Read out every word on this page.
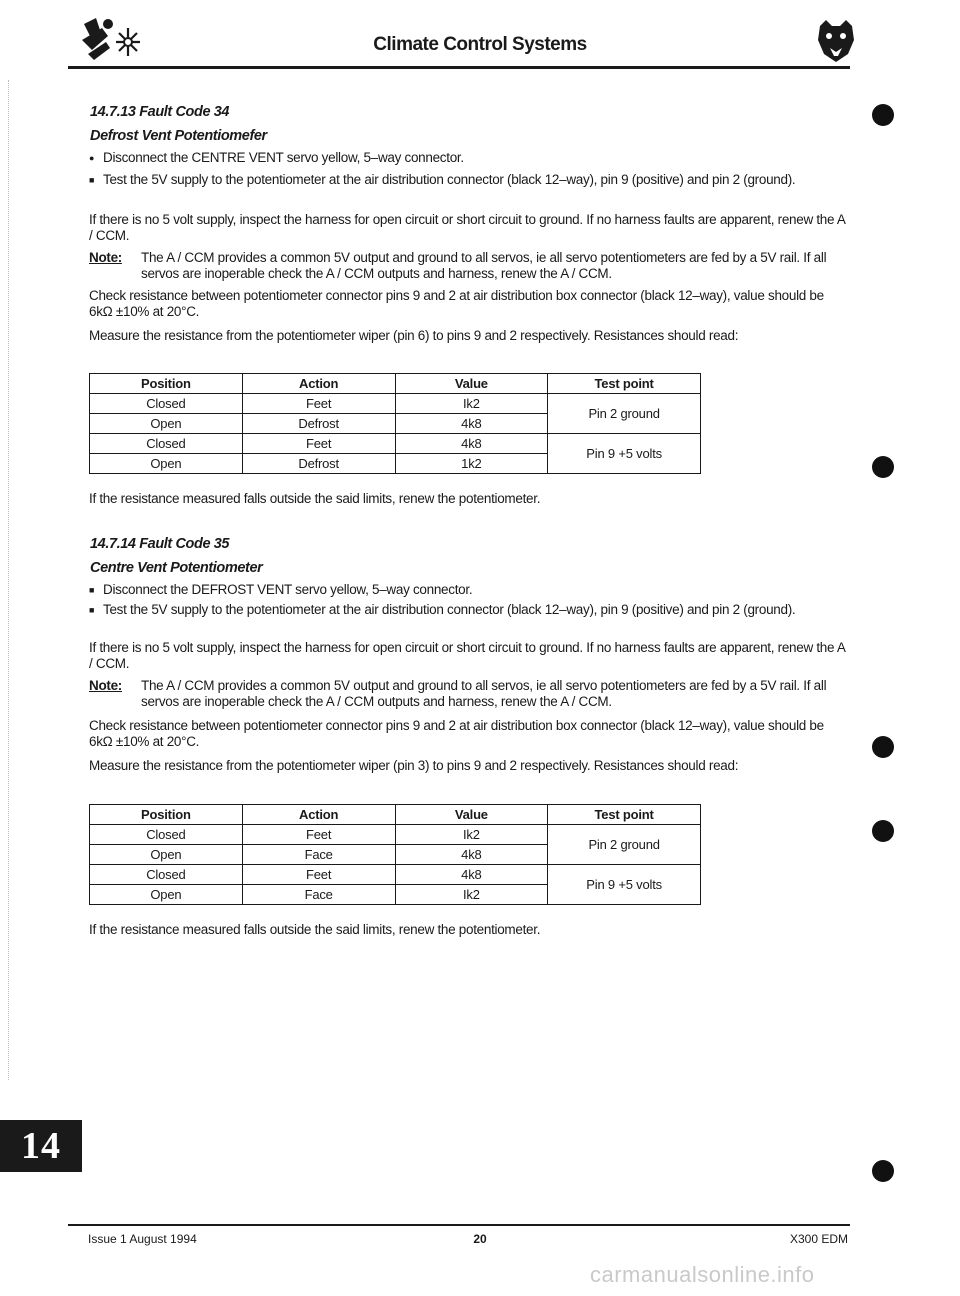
Climate Control Systems
14.7.13 Fault Code 34
Defrost Vent Potentiomefer
● Disconnect the CENTRE VENT servo yellow, 5–way connector.
■ Test the 5V supply to the potentiometer at the air distribution connector (black 12–way), pin 9 (positive) and pin 2 (ground).
If there is no 5 volt supply, inspect the harness for open circuit or short circuit to ground. If no harness faults are apparent, renew the A / CCM.
Note: The A / CCM provides a common 5V output and ground to all servos, ie all servo potentiometers are fed by a 5V rail. If all servos are inoperable check the A / CCM outputs and harness, renew the A / CCM.
Check resistance between potentiometer connector pins 9 and 2 at air distribution box connector (black 12–way), value should be 6kΩ ±10% at 20°C.
Measure the resistance from the potentiometer wiper (pin 6) to pins 9 and 2 respectively. Resistances should read:
Position	Action	Value	Test point
Closed	Feet	Ik2	Pin 2 ground
Open	Defrost	4k8	
Closed	Feet	4k8	Pin 9 +5 volts
Open	Defrost	1k2	
If the resistance measured falls outside the said limits, renew the potentiometer.
14.7.14 Fault Code 35
Centre Vent Potentiometer
■ Disconnect the DEFROST VENT servo yellow, 5–way connector.
■ Test the 5V supply to the potentiometer at the air distribution connector (black 12–way), pin 9 (positive) and pin 2 (ground).
If there is no 5 volt supply, inspect the harness for open circuit or short circuit to ground. If no harness faults are apparent, renew the A / CCM.
Note: The A / CCM provides a common 5V output and ground to all servos, ie all servo potentiometers are fed by a 5V rail. If all servos are inoperable check the A / CCM outputs and harness, renew the A / CCM.
Check resistance between potentiometer connector pins 9 and 2 at air distribution box connector (black 12–way), value should be 6kΩ ±10% at 20°C.
Measure the resistance from the potentiometer wiper (pin 3) to pins 9 and 2 respectively. Resistances should read:
Position	Action	Value	Test point
Closed	Feet	Ik2	Pin 2 ground
Open	Face	4k8	
Closed	Feet	4k8	Pin 9 +5 volts
Open	Face	Ik2	
If the resistance measured falls outside the said limits, renew the potentiometer.
14
Issue 1 August 1994	20	X300 EDM
carmanualsonline.info
